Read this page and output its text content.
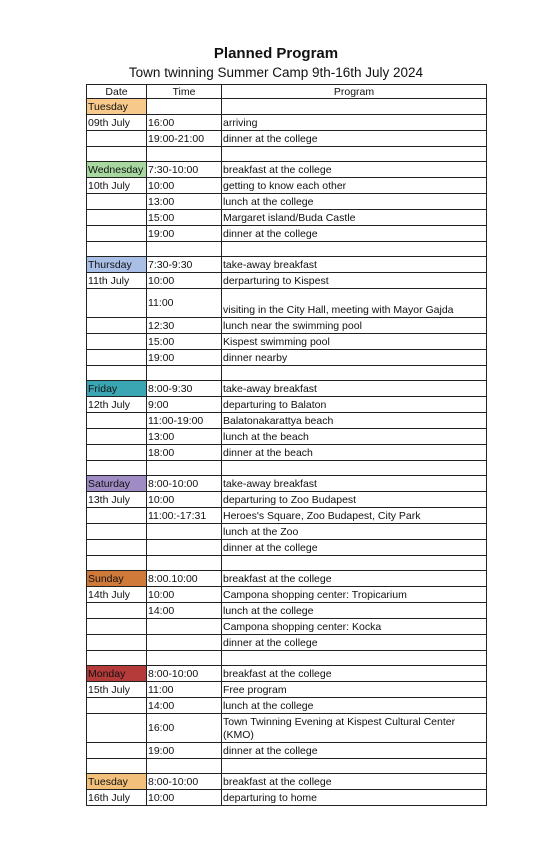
Planned Program
Town twinning Summer Camp 9th-16th July 2024
Date	Time	Program
Tuesday		
09th July	16:00	arriving
	19:00-21:00	dinner at the college

Wednesday	7:30-10:00	breakfast at the college
10th July	10:00	getting to know each other
	13:00	lunch at the college
	15:00	Margaret island/Buda Castle
	19:00	dinner at the college

Thursday	7:30-9:30	take-away breakfast
11th July	10:00	derparturing to Kispest
	11:00	visiting in the City Hall, meeting with Mayor Gajda
	12:30	lunch near the swimming pool
	15:00	Kispest swimming pool
	19:00	dinner nearby

Friday	8:00-9:30	take-away breakfast
12th July	9:00	departuring to Balaton
	11:00-19:00	Balatonakarattya beach
	13:00	lunch at the beach
	18:00	dinner at the beach

Saturday	8:00-10:00	take-away breakfast
13th July	10:00	departuring to Zoo Budapest
	11:00:-17:31	Heroes's Square, Zoo Budapest, City Park
		lunch at the Zoo
		dinner at the college

Sunday	8:00.10:00	breakfast at the college
14th July	10:00	Campona shopping center: Tropicarium
	14:00	lunch at the college
		Campona shopping center: Kocka
		dinner at the college

Monday	8:00-10:00	breakfast at the college
15th July	11:00	Free program
	14:00	lunch at the college
	16:00	Town Twinning Evening at Kispest Cultural Center (KMO)
	19:00	dinner at the college

Tuesday	8:00-10:00	breakfast at the college
16th July	10:00	departuring to home
